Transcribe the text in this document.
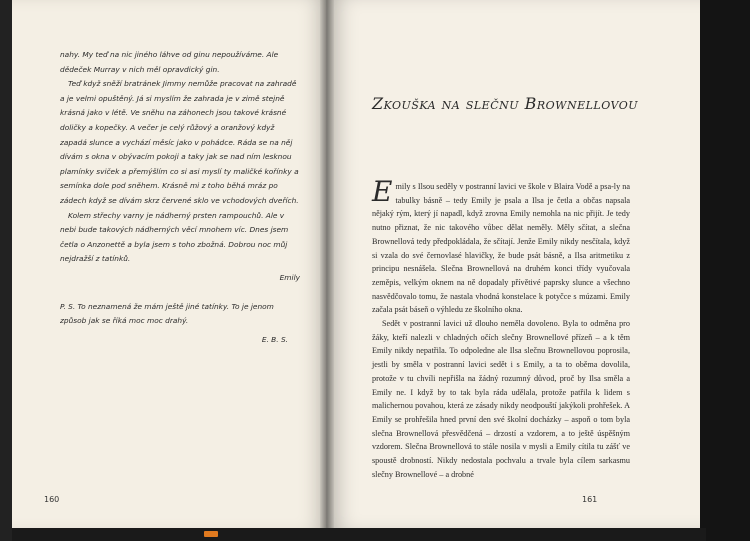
nahy. My teď na nic jiného láhve od ginu nepoužíváme. Ale dědeček Murray v nich měl opravdický gin.

Teď když sněží bratránek Jimmy nemůže pracovat na zahradě a je velmi opuštěný. Já si myslím že zahrada je v zimě stejně krásná jako v létě. Ve sněhu na záhonech jsou takové krásné doličky a kopečky. A večer je celý růžový a oranžový když zapadá slunce a vychází měsíc jako v pohádce. Ráda se na něj dívám s okna v obývacím pokoji a taky jak se nad ním lesknou plamínky sviček a přemýšlím co si asi myslí ty maličké kořínky a semínka dole pod sněhem. Krásně mi z toho běhá mráz po zádech když se dívám skrz červené sklo ve vchodových dveřích.

Kolem střechy varny je nádherný prsten rampouchů. Ale v nebi bude takových nádherných věcí mnohem víc. Dnes jsem četla o Anzonettě a byla jsem s toho zbožná. Dobrou noc můj nejdražší z tatínků.

Emily

P. S. To neznamená že mám ještě jiné tatínky. To je jenom způsob jak se říká moc moc drahý.

E. B. S.
160
Zkouška na slečnu Brownellovou

Emily s Ilsou seděly v postranní lavici ve škole v Blaira Vodě a psa-ly na tabulky básně – tedy Emily je psala a Ilsa je četla a občas napsala nějaký rým, který jí napadl, když zrovna Emily nemohla na nic přijít. Je tedy nutno přiznat, že nic takového vůbec dělat neměly. Měly sčítat, a slečna Brownellová tedy předpokládala, že sčítají. Jenže Emily nikdy nesčítala, když si vzala do své černovlasé hlavičky, že bude psát básně, a Ilsa aritmetiku z principu nesnášela. Slečna Brownellová na druhém konci třídy vyučovala zeměpis, velkým oknem na ně dopadaly přívětivé paprsky slunce a všechno nasvědčovalo tomu, že nastala vhodná konstelace k potyčce s múzami. Emily začala psát báseň o výhledu ze školního okna.

Sedět v postranní lavici už dlouho neměla dovoleno. Byla to odměna pro žáky, kteří nalezli v chladných očích slečny Brownellové přízeň – a k těm Emily nikdy nepatřila. To odpoledne ale Ilsa slečnu Brownellovou poprosila, jestli by směla v postranní lavici sedět i s Emily, a ta to oběma dovolila, protože v tu chvíli nepřišla na žádný rozumný důvod, proč by Ilsa směla a Emily ne. I když by to tak byla ráda udělala, protože patřila k lidem s malichernou povahou, která ze zásady nikdy neodpouští jakýkoli prohřešek. A Emily se prohřešila hned první den své školní docházky – aspoň o tom byla slečna Brownellová přesvědčená – drzostí a vzdorem, a to ještě úspěšným vzdorem. Slečna Brownellová to stále nosila v mysli a Emily cítila tu zášť ve spoustě drobností. Nikdy nedostala pochvalu a trvale byla cílem sarkasmu slečny Brownellové – a drobné

161
